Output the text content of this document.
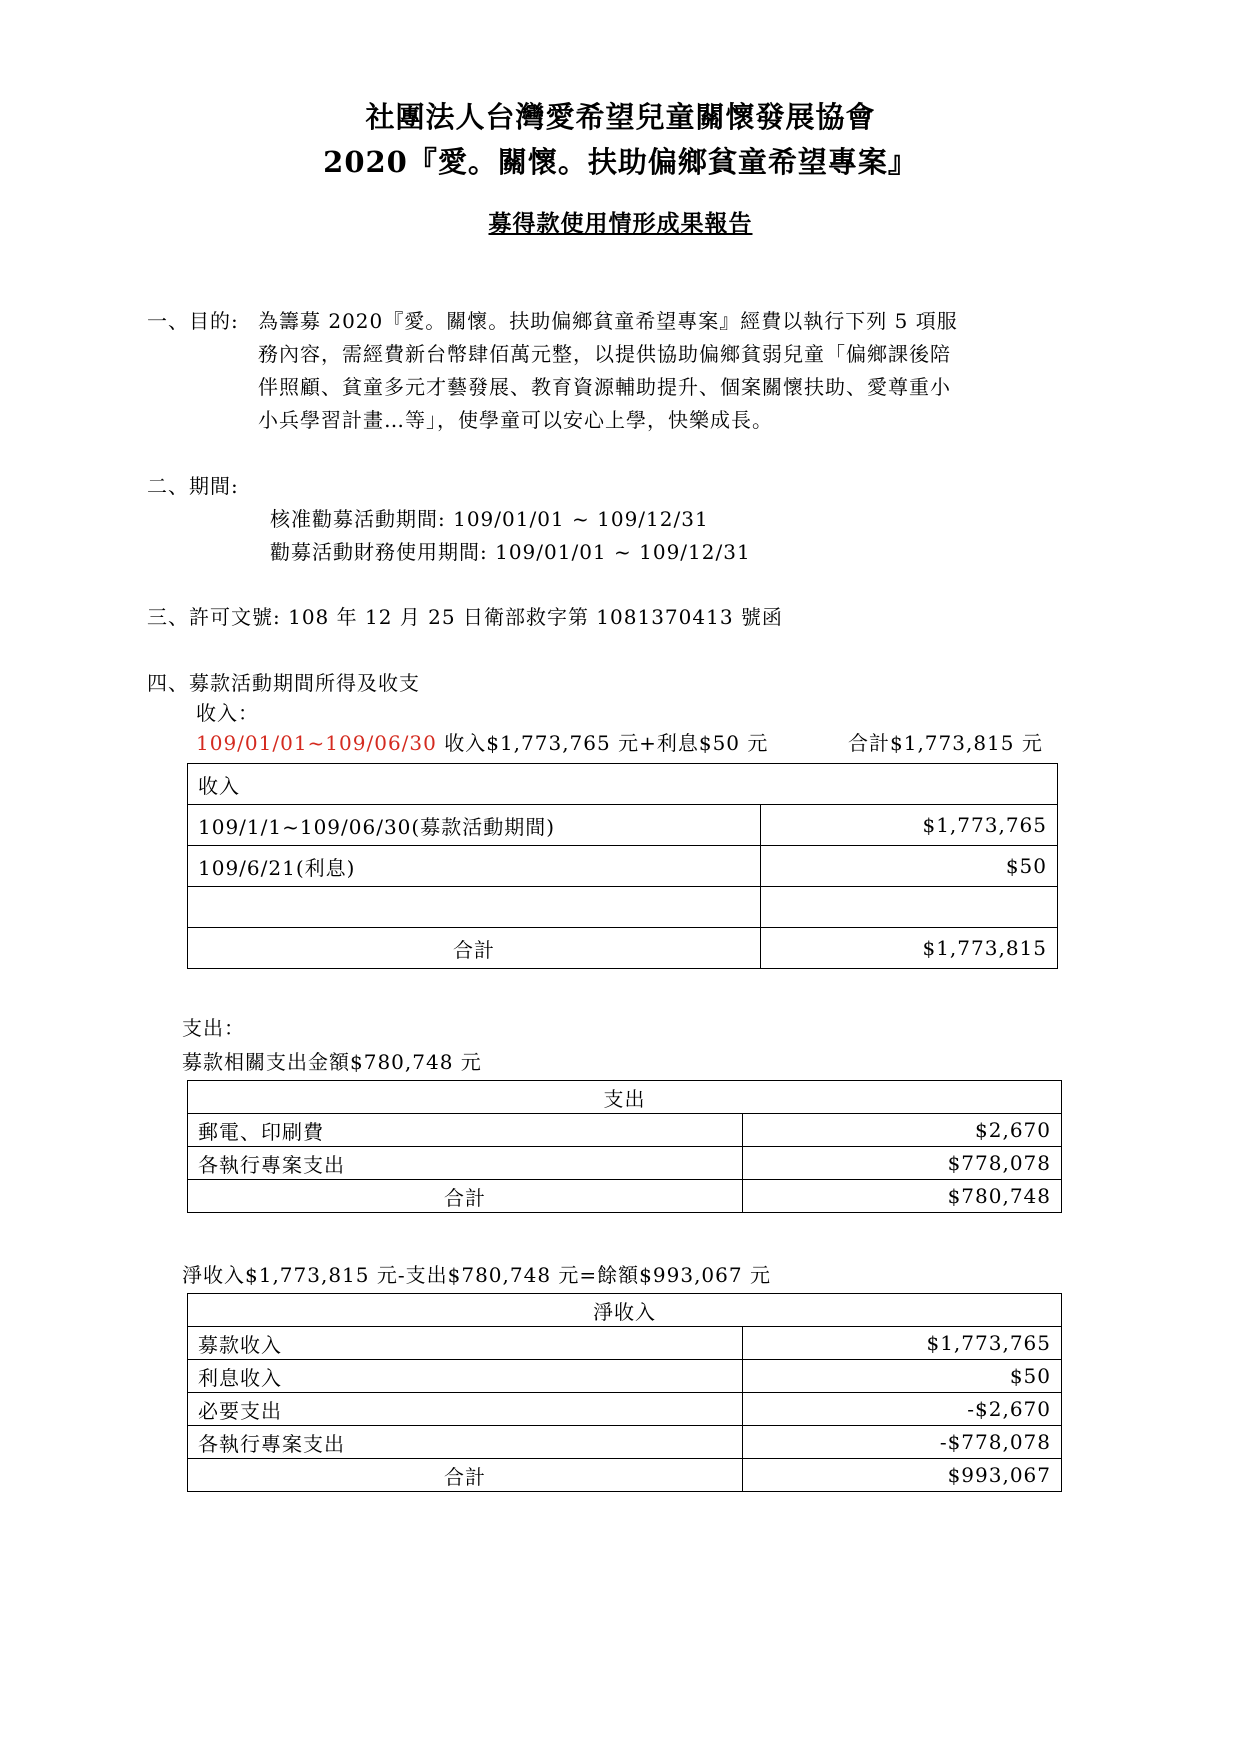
社團法人台灣愛希望兒童關懷發展協會
2020『愛。關懷。扶助偏鄉貧童希望專案』
募得款使用情形成果報告
一、目的: 為籌募 2020『愛。關懷。扶助偏鄉貧童希望專案』經費以執行下列 5 項服
務內容，需經費新台幣肆佰萬元整，以提供協助偏鄉貧弱兒童「偏鄉課後陪
伴照顧、貧童多元才藝發展、教育資源輔助提升、個案關懷扶助、愛尊重小
小兵學習計畫…等」，使學童可以安心上學，快樂成長。
二、期間:
核准勸募活動期間: 109/01/01 ~ 109/12/31
勸募活動財務使用期間: 109/01/01 ~ 109/12/31
三、許可文號: 108 年 12 月 25 日衛部救字第 1081370413 號函
四、募款活動期間所得及收支
收入：
109/01/01~109/06/30 收入$1,773,765 元+利息$50 元	合計$1,773,815 元
收入	
109/1/1~109/06/30(募款活動期間)	$1,773,765
109/6/21(利息)	$50

合計	$1,773,815
支出：
募款相關支出金額$780,748 元
支出	
郵電、印刷費	$2,670
各執行專案支出	$778,078
合計	$780,748
淨收入$1,773,815 元-支出$780,748 元=餘額$993,067 元
淨收入	
募款收入	$1,773,765
利息收入	$50
必要支出	-$2,670
各執行專案支出	-$778,078
合計	$993,067
